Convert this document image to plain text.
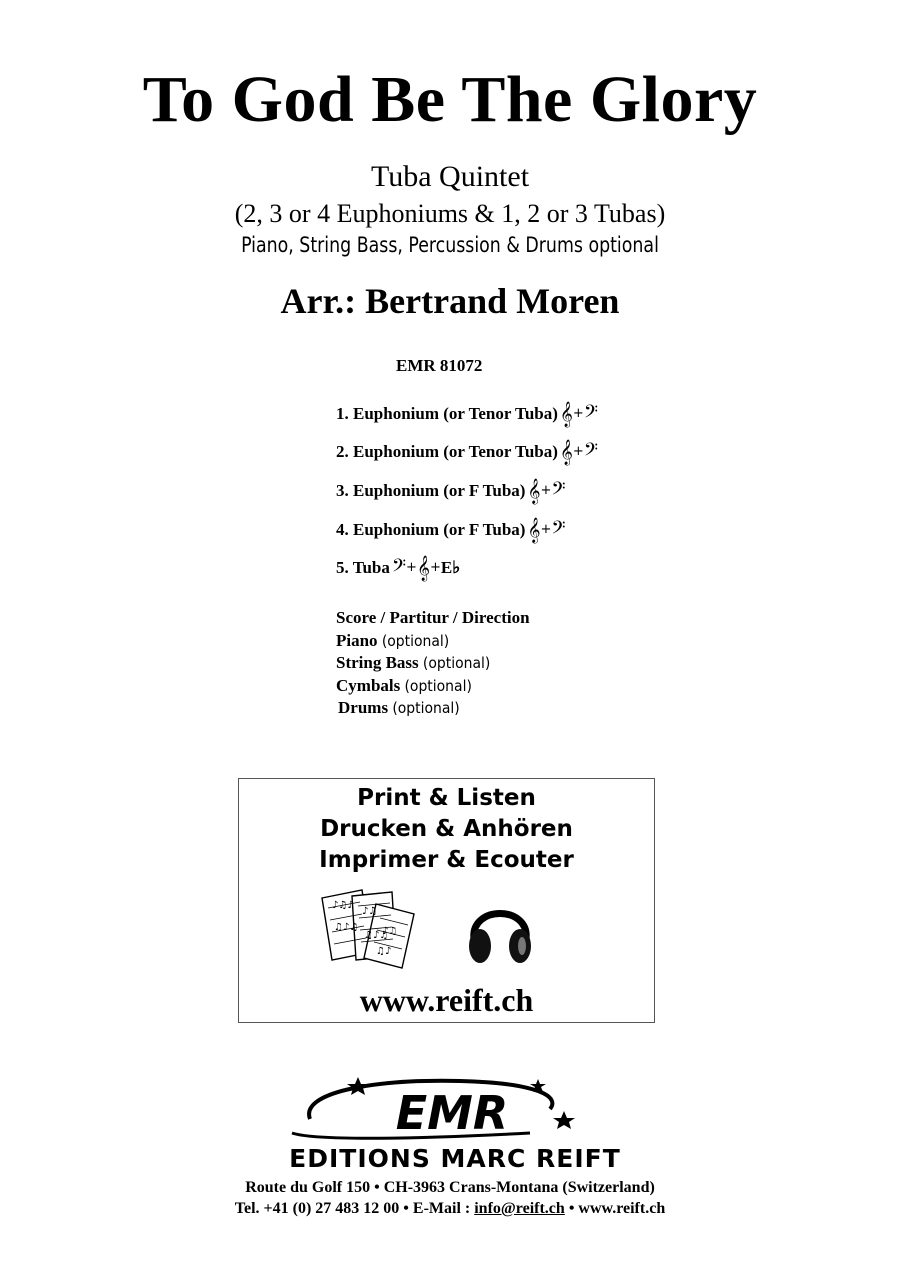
To God Be The Glory
Tuba Quintet
(2, 3 or 4 Euphoniums & 1, 2 or 3 Tubas)
Piano, String Bass, Percussion & Drums optional
Arr.: Bertrand Moren
EMR 81072
1. Euphonium (or Tenor Tuba)𝄞+𝄢
2. Euphonium (or Tenor Tuba)𝄞+𝄢
3. Euphonium (or F Tuba)𝄞+𝄢
4. Euphonium (or F Tuba)𝄞+𝄢
5. Tuba𝄢+𝄞+E♭
Score / Partitur / Direction
Piano (optional)
String Bass (optional)
Cymbals (optional)
Drums (optional)
Print & Listen
Drucken & Anhören
Imprimer & Ecouter
♪♫♪
♫♪♫
♪♫
♫♪♫
♪♫
♫♪
www.reift.ch
EMR
EDITIONS MARC REIFT
Route du Golf 150 • CH-3963 Crans-Montana (Switzerland)
Tel. +41 (0) 27 483 12 00 • E-Mail : info@reift.ch • www.reift.ch
